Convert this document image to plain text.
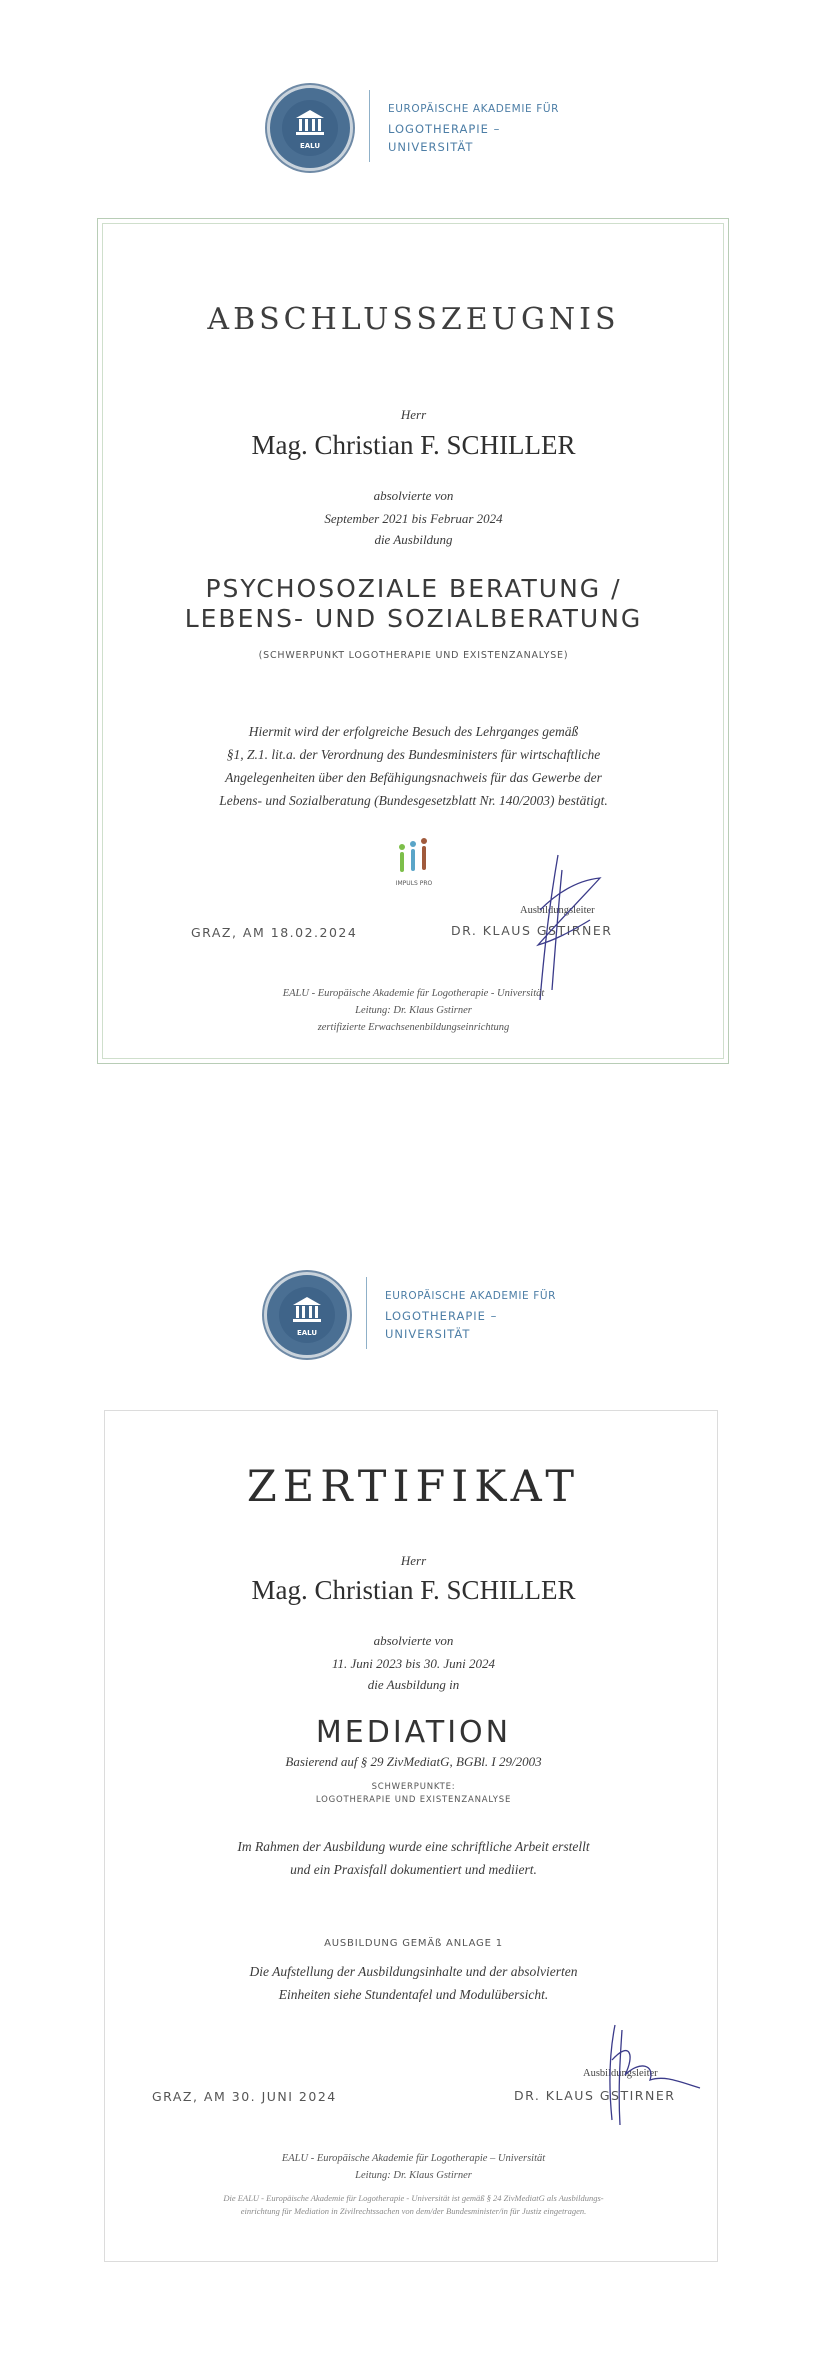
EALU
EUROPÄISCHE AKADEMIE FÜR
LOGOTHERAPIE –
UNIVERSITÄT
ABSCHLUSSZEUGNIS
Herr
Mag. Christian F. SCHILLER
absolvierte von
September 2021 bis Februar 2024
die Ausbildung
PSYCHOSOZIALE BERATUNG /
LEBENS- UND SOZIALBERATUNG
(SCHWERPUNKT LOGOTHERAPIE UND EXISTENZANALYSE)
Hiermit wird der erfolgreiche Besuch des Lehrganges gemäß
§1, Z.1. lit.a. der Verordnung des Bundesministers für wirtschaftliche
Angelegenheiten über den Befähigungsnachweis für das Gewerbe der
Lebens- und Sozialberatung (Bundesgesetzblatt Nr. 140/2003) bestätigt.
IMPULS PRO
GRAZ, AM 18.02.2024
Ausbildungsleiter
DR. KLAUS GSTIRNER
EALU - Europäische Akademie für Logotherapie - Universität
Leitung: Dr. Klaus Gstirner
zertifizierte Erwachsenenbildungseinrichtung
EALU
EUROPÄISCHE AKADEMIE FÜR
LOGOTHERAPIE –
UNIVERSITÄT
ZERTIFIKAT
Herr
Mag. Christian F. SCHILLER
absolvierte von
11. Juni 2023 bis 30. Juni 2024
die Ausbildung in
MEDIATION
Basierend auf § 29 ZivMediatG, BGBl. I 29/2003
SCHWERPUNKTE:
LOGOTHERAPIE UND EXISTENZANALYSE
Im Rahmen der Ausbildung wurde eine schriftliche Arbeit erstellt
und ein Praxisfall dokumentiert und mediiert.
AUSBILDUNG GEMÄß ANLAGE 1
Die Aufstellung der Ausbildungsinhalte und der absolvierten
Einheiten siehe Stundentafel und Modulübersicht.
GRAZ, AM 30. JUNI 2024
Ausbildungsleiter
DR. KLAUS GSTIRNER
EALU - Europäische Akademie für Logotherapie – Universität
Leitung: Dr. Klaus Gstirner
Die EALU - Europäische Akademie für Logotherapie - Universität ist gemäß § 24 ZivMediatG als Ausbildungs-
einrichtung für Mediation in Zivilrechtssachen von dem/der Bundesminister/in für Justiz eingetragen.
